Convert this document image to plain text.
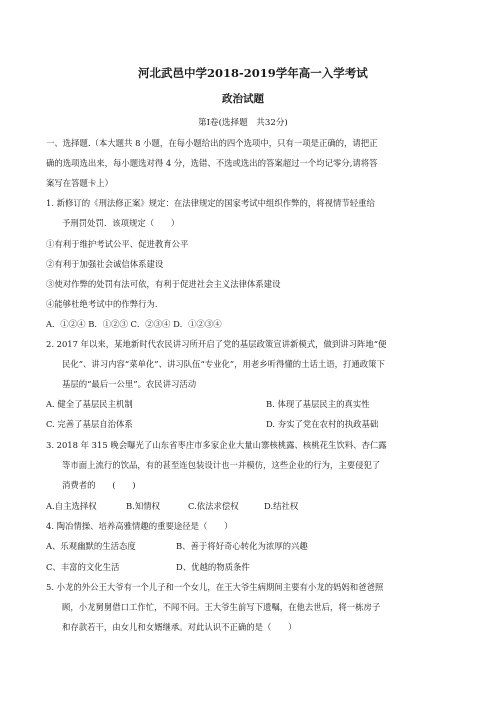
河北武邑中学2018-2019学年高一入学考试
政治试题
第Ⅰ卷(选择题　共32分)
一、选择题.（本大题共 8 小题，在每小题给出的四个选项中，只有一项是正确的，请把正
确的选项选出来，每小题选对得 4 分，选错、不选或选出的答案超过一个均记零分,请将答
案写在答题卡上）
1. 新修订的《刑法修正案》规定：在法律规定的国家考试中组织作弊的，将视情节轻重给
予刑罚处罚．该项规定（　　）
①有利于维护考试公平、促进教育公平
②有利于加强社会诚信体系建设
③使对作弊的处罚有法可依，有利于促进社会主义法律体系建设
④能够杜绝考试中的作弊行为.
A．①②④ B．①②③ C．②③④ D．①②③④
2. 2017 年以来，某地新时代农民讲习所开启了党的基层政策宣讲新模式，做到讲习阵地“便
民化”、讲习内容“菜单化”、讲习队伍“专业化”，用老乡听得懂的土话土语，打通政策下
基层的“最后一公里”。农民讲习活动
A. 健全了基层民主机制	B. 体现了基层民主的真实性
C. 完善了基层自治体系	D. 夯实了党在农村的执政基础
3. 2018 年 315 晚会曝光了山东省枣庄市多家企业大量山寨核桃露、核桃花生饮料、杏仁露
等市面上流行的饮品，有的甚至连包装设计也一并模仿，这些企业的行为，主要侵犯了
消费者的　　(　　)
A.自主选择权	B.知情权	C.依法求偿权	D.结社权
4. 陶冶情操、培养高雅情趣的重要途径是（　　）
A、乐观幽默的生活态度	B、善于将好奇心转化为浓厚的兴趣
C、丰富的文化生活	D、优越的物质条件
5. 小龙的外公王大爷有一个儿子和一个女儿，在王大爷生病期间主要有小龙的妈妈和爸爸照
顾，小龙舅舅借口工作忙，不闻不问。王大爷生前写下遗嘱，在他去世后，将一栋房子
和存款若干，由女儿和女婿继承。对此认识不正确的是（　　）
